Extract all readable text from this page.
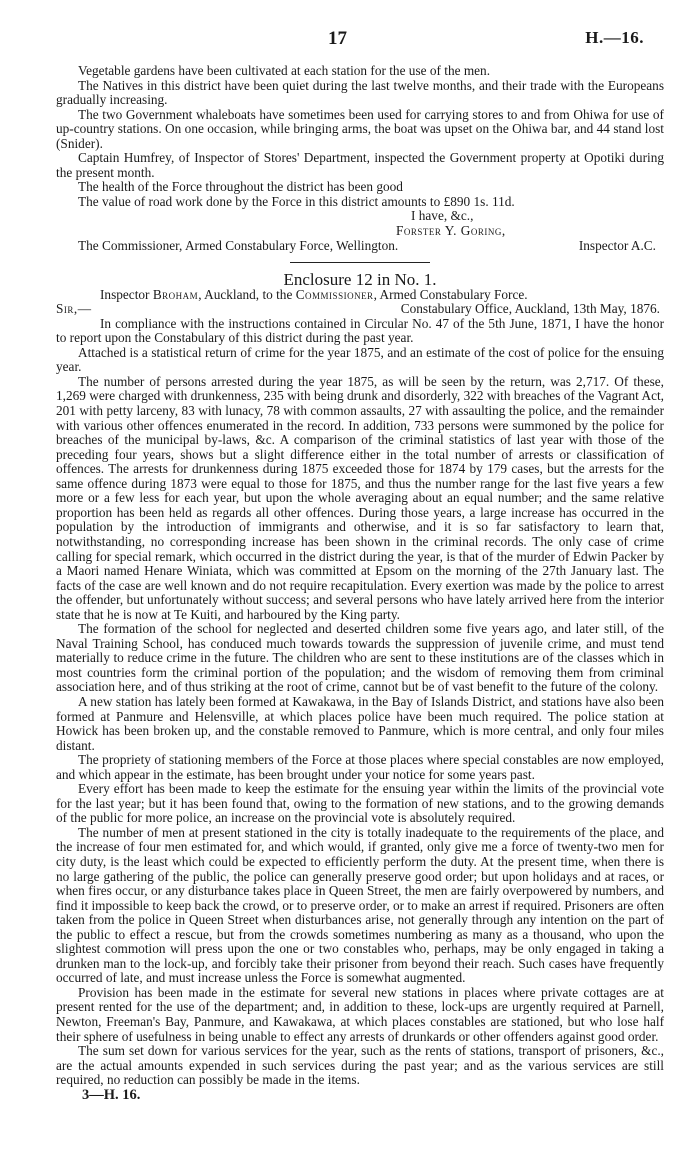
17	H.—16.

Vegetable gardens have been cultivated at each station for the use of the men.

The Natives in this district have been quiet during the last twelve months, and their trade with the Europeans gradually increasing.

The two Government whaleboats have sometimes been used for carrying stores to and from Ohiwa for use of up-country stations. On one occasion, while bringing arms, the boat was upset on the Ohiwa bar, and 44 stand lost (Snider).

Captain Humfrey, of Inspector of Stores' Department, inspected the Government property at Opotiki during the present month.

The health of the Force throughout the district has been good

The value of road work done by the Force in this district amounts to £890 1s. 11d.

I have, &c.,

Forster Y. Goring,

The Commissioner, Armed Constabulary Force, Wellington.	Inspector A.C.

Enclosure 12 in No. 1.

Inspector Broham, Auckland, to the Commissioner, Armed Constabulary Force.

Sir,—	Constabulary Office, Auckland, 13th May, 1876.

In compliance with the instructions contained in Circular No. 47 of the 5th June, 1871, I have the honor to report upon the Constabulary of this district during the past year.

Attached is a statistical return of crime for the year 1875, and an estimate of the cost of police for the ensuing year.

The number of persons arrested during the year 1875, as will be seen by the return, was 2,717. Of these, 1,269 were charged with drunkenness, 235 with being drunk and disorderly, 322 with breaches of the Vagrant Act, 201 with petty larceny, 83 with lunacy, 78 with common assaults, 27 with assaulting the police, and the remainder with various other offences enumerated in the record. In addition, 733 persons were summoned by the police for breaches of the municipal by-laws, &c. A comparison of the criminal statistics of last year with those of the preceding four years, shows but a slight difference either in the total number of arrests or classification of offences. The arrests for drunkenness during 1875 exceeded those for 1874 by 179 cases, but the arrests for the same offence during 1873 were equal to those for 1875, and thus the number range for the last five years a few more or a few less for each year, but upon the whole averaging about an equal number; and the same relative proportion has been held as regards all other offences. During those years, a large increase has occurred in the population by the introduction of immigrants and otherwise, and it is so far satisfactory to learn that, notwithstanding, no corresponding increase has been shown in the criminal records. The only case of crime calling for special remark, which occurred in the district during the year, is that of the murder of Edwin Packer by a Maori named Henare Winiata, which was committed at Epsom on the morning of the 27th January last. The facts of the case are well known and do not require recapitulation. Every exertion was made by the police to arrest the offender, but unfortunately without success; and several persons who have lately arrived here from the interior state that he is now at Te Kuiti, and harboured by the King party.

The formation of the school for neglected and deserted children some five years ago, and later still, of the Naval Training School, has conduced much towards towards the suppression of juvenile crime, and must tend materially to reduce crime in the future. The children who are sent to these institutions are of the classes which in most countries form the criminal portion of the population; and the wisdom of removing them from criminal association here, and of thus striking at the root of crime, cannot but be of vast benefit to the future of the colony.

A new station has lately been formed at Kawakawa, in the Bay of Islands District, and stations have also been formed at Panmure and Helensville, at which places police have been much required. The police station at Howick has been broken up, and the constable removed to Panmure, which is more central, and only four miles distant.

The propriety of stationing members of the Force at those places where special constables are now employed, and which appear in the estimate, has been brought under your notice for some years past.

Every effort has been made to keep the estimate for the ensuing year within the limits of the provincial vote for the last year; but it has been found that, owing to the formation of new stations, and to the growing demands of the public for more police, an increase on the provincial vote is absolutely required.

The number of men at present stationed in the city is totally inadequate to the requirements of the place, and the increase of four men estimated for, and which would, if granted, only give me a force of twenty-two men for city duty, is the least which could be expected to efficiently perform the duty. At the present time, when there is no large gathering of the public, the police can generally preserve good order; but upon holidays and at races, or when fires occur, or any disturbance takes place in Queen Street, the men are fairly overpowered by numbers, and find it impossible to keep back the crowd, or to preserve order, or to make an arrest if required. Prisoners are often taken from the police in Queen Street when disturbances arise, not generally through any intention on the part of the public to effect a rescue, but from the crowds sometimes numbering as many as a thousand, who upon the slightest commotion will press upon the one or two constables who, perhaps, may be only engaged in taking a drunken man to the lock-up, and forcibly take their prisoner from beyond their reach. Such cases have frequently occurred of late, and must increase unless the Force is somewhat augmented.

Provision has been made in the estimate for several new stations in places where private cottages are at present rented for the use of the department; and, in addition to these, lock-ups are urgently required at Parnell, Newton, Freeman's Bay, Panmure, and Kawakawa, at which places constables are stationed, but who lose half their sphere of usefulness in being unable to effect any arrests of drunkards or other offenders against good order.

The sum set down for various services for the year, such as the rents of stations, transport of prisoners, &c., are the actual amounts expended in such services during the past year; and as the various services are still required, no reduction can possibly be made in the items.

3—H. 16.
